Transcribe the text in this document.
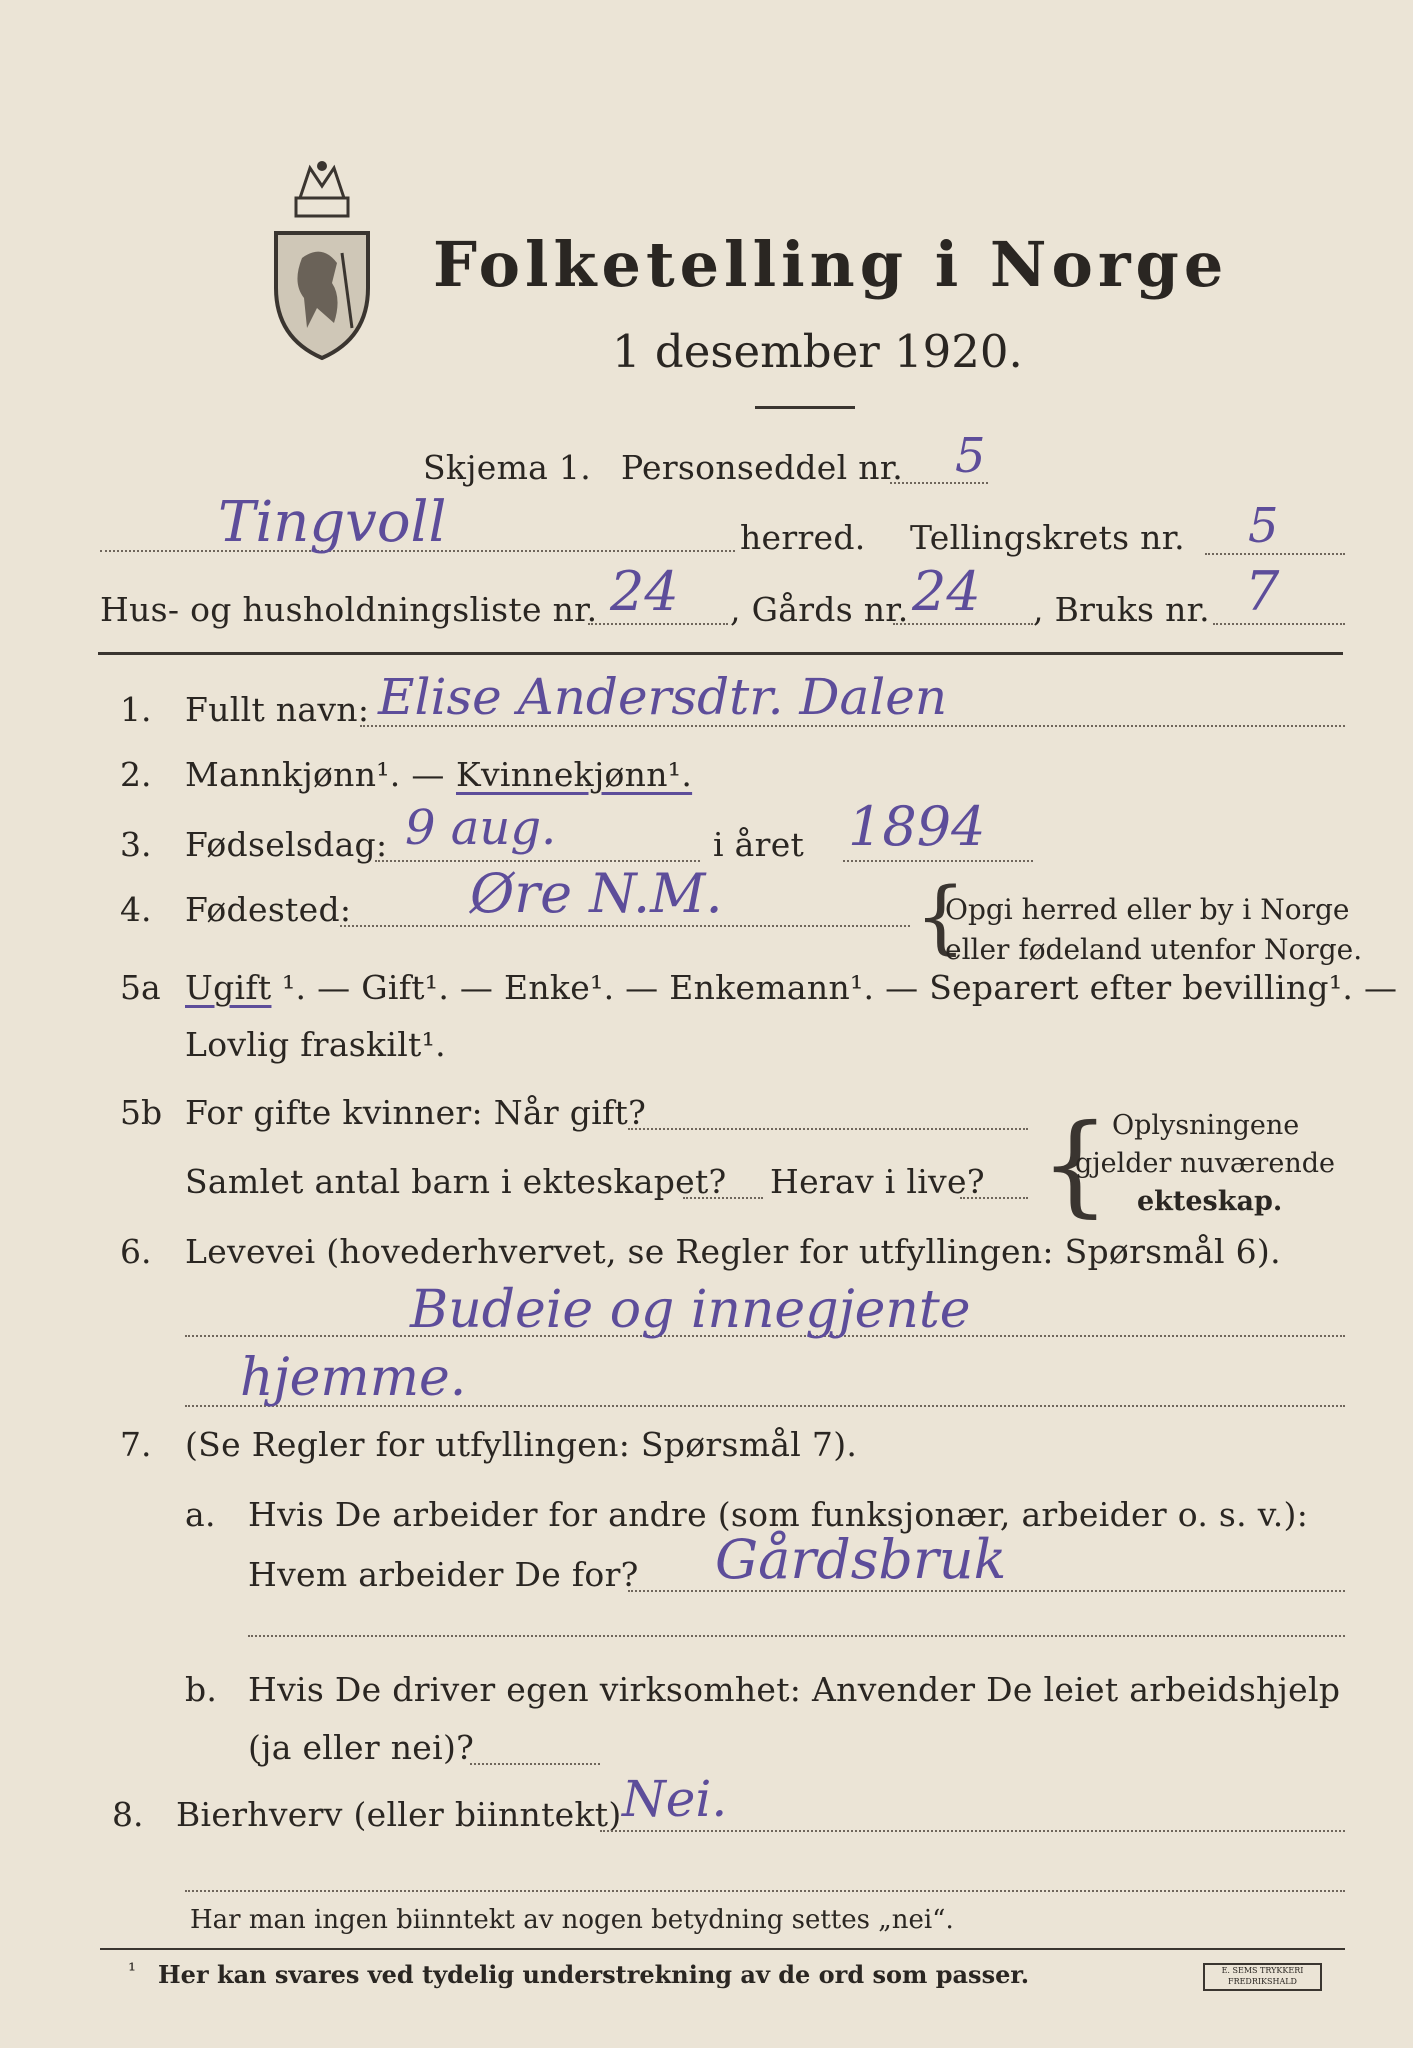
Folketelling i Norge
1 desember 1920.
Skjema 1. Personseddel nr. 5
Tingvoll	herred. Tellingskrets nr. 5
Hus- og husholdningsliste nr. 24 , Gårds nr. 24 , Bruks nr. 7
1. Fullt navn: Elise Andersdtr. Dalen
2. Mannkjønn¹. — Kvinnekjønn¹.
3. Fødselsdag: 9 aug.	i året 1894
4. Fødested: Øre N.M. {
Opgi herred eller by i Norge
eller fødeland utenfor Norge.
5a Ugift ¹. — Gift¹. — Enke¹. — Enkemann¹. — Separert efter bevilling¹. —
Lovlig fraskilt¹.
5b For gifte kvinner: Når gift?
Samlet antal barn i ekteskapet? Herav i live? { Oplysningene
gjelder nuværende
ekteskap.
6. Levevei (hovederhvervet, se Regler for utfyllingen: Spørsmål 6).
Budeie og innegjente
hjemme.
7. (Se Regler for utfyllingen: Spørsmål 7).
a. Hvis De arbeider for andre (som funksjonær, arbeider o. s. v.):
Hvem arbeider De for? Gårdsbruk
b. Hvis De driver egen virksomhet: Anvender De leiet arbeidshjelp
(ja eller nei)?
8. Bierhverv (eller biinntekt) Nei.
Har man ingen biinntekt av nogen betydning settes „nei“.
¹ Her kan svares ved tydelig understrekning av de ord som passer.	E. SEMS TRYKKERI FREDRIKSHALD
